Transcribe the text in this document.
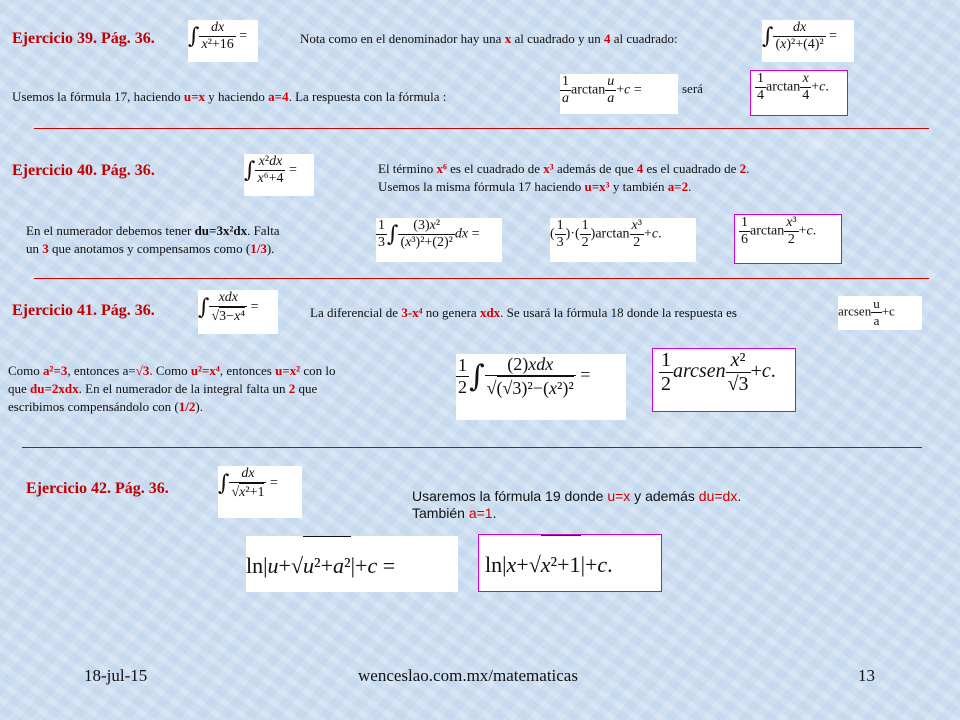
Ejercicio 39. Pág. 36. ∫ $\frac{dx}{\text{x²+16}}$ =	Nota como en el denominador hay una x al cuadrado y un 4 al cuadrado:	∫ $\frac{dx}{\text{(x)²+(4)²}}$ =
Usemos la fórmula 17, haciendo u=x y haciendo a=4. La respuesta con la fórmula :	$\frac{1}{a}$ $\arctan \frac{u}{a} +c$ =	será	$\frac{1}{4}$ $\arctan \frac{x}{4} +c$.
Ejercicio 40. Pág. 36.	∫ $\frac{\text{x²dx}}{\text{x⁶+4}}$ =	El término x⁶ es el cuadrado de x³ además de que 4 es el cuadrado de 2.
Usemos la misma fórmula 17 haciendo u=x³ y también a=2.
En el numerador debemos tener du=3x²dx. Falta
un 3 que anotamos y compensamos como (1/3).	$\frac{1}{3}$ ∫ $\frac{\text{(3)x²}}{\text{(x³)²+(2)²}}$ dx =	( $\frac{1}{3}$ )·( $\frac{1}{2} )\arctan \frac{\text{x³}}{2} +c$.	$\frac{1}{6}$ $\arctan \frac{\text{x³}}{2} +c$.
Ejercicio 41. Pág. 36. ∫ $\frac{\text{xdx}}{\text{√3−x⁴}}$ =	La diferencial de 3-x⁴ no genera xdx. Se usará la fórmula 18 donde la respuesta es	arcsen $\frac{u}{a} +c$
Como a²=3, entonces a=√3. Como u²=x⁴, entonces u=x² con lo
que du=2xdx. En el numerador de la integral falta un 2 que
escribimos compensándolo con (1/2).
$\frac{1}{2}$ ∫ $\frac{\text{(2)xdx}}{\text{√(√3)²−(x²)²}}$ =	$\frac{1}{2}$ arcsen $\frac{\text{x²}}{√3} +c$.
Ejercicio 42. Pág. 36. ∫ $\frac{dx}{\text{√x²+1}}$ =
Usaremos la fórmula 19 donde u=x y además du=dx.
También a=1.
ln|u+√u²+a²|+c =	ln|x+√x²+1|+c.
18-jul-15	wenceslao.com.mx/matematicas	13
